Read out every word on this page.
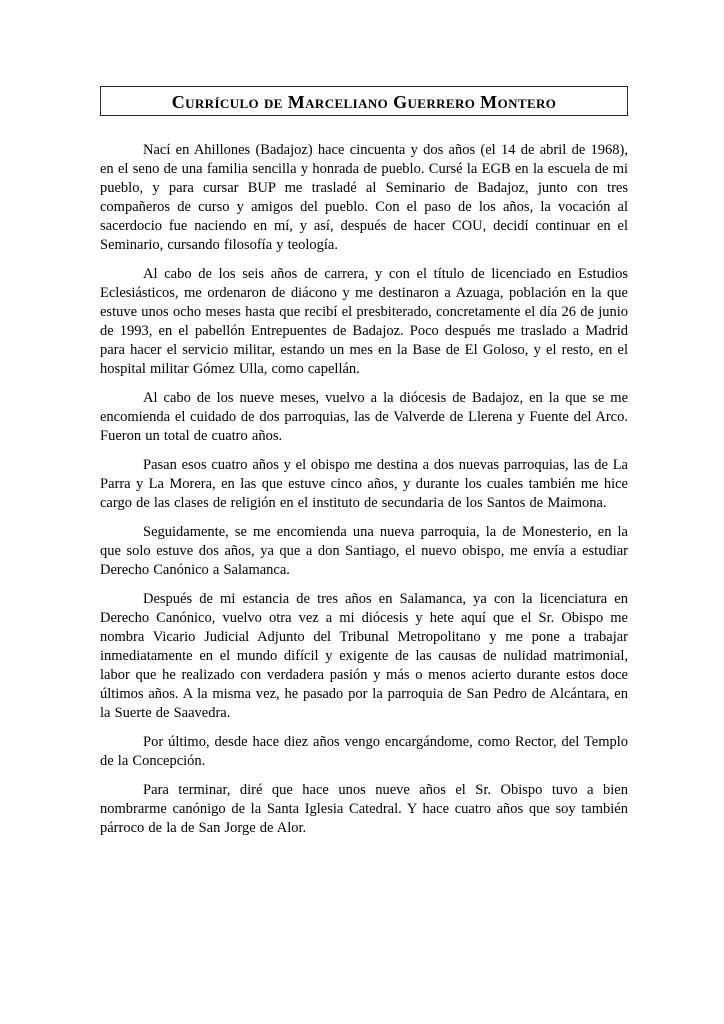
Currículo de Marceliano Guerrero Montero

Nací en Ahillones (Badajoz) hace cincuenta y dos años (el 14 de abril de 1968), en el seno de una familia sencilla y honrada de pueblo. Cursé la EGB en la escuela de mi pueblo, y para cursar BUP me trasladé al Seminario de Badajoz, junto con tres compañeros de curso y amigos del pueblo. Con el paso de los años, la vocación al sacerdocio fue naciendo en mí, y así, después de hacer COU, decidí continuar en el Seminario, cursando filosofía y teología.

Al cabo de los seis años de carrera, y con el título de licenciado en Estudios Eclesiásticos, me ordenaron de diácono y me destinaron a Azuaga, población en la que estuve unos ocho meses hasta que recibí el presbiterado, concretamente el día 26 de junio de 1993, en el pabellón Entrepuentes de Badajoz. Poco después me traslado a Madrid para hacer el servicio militar, estando un mes en la Base de El Goloso, y el resto, en el hospital militar Gómez Ulla, como capellán.

Al cabo de los nueve meses, vuelvo a la diócesis de Badajoz, en la que se me encomienda el cuidado de dos parroquias, las de Valverde de Llerena y Fuente del Arco. Fueron un total de cuatro años.

Pasan esos cuatro años y el obispo me destina a dos nuevas parroquias, las de La Parra y La Morera, en las que estuve cinco años, y durante los cuales también me hice cargo de las clases de religión en el instituto de secundaria de los Santos de Maimona.

Seguidamente, se me encomienda una nueva parroquia, la de Monesterio, en la que solo estuve dos años, ya que a don Santiago, el nuevo obispo, me envía a estudiar Derecho Canónico a Salamanca.

Después de mi estancia de tres años en Salamanca, ya con la licenciatura en Derecho Canónico, vuelvo otra vez a mi diócesis y hete aquí que el Sr. Obispo me nombra Vicario Judicial Adjunto del Tribunal Metropolitano y me pone a trabajar inmediatamente en el mundo difícil y exigente de las causas de nulidad matrimonial, labor que he realizado con verdadera pasión y más o menos acierto durante estos doce últimos años. A la misma vez, he pasado por la parroquia de San Pedro de Alcántara, en la Suerte de Saavedra.

Por último, desde hace diez años vengo encargándome, como Rector, del Templo de la Concepción.

Para terminar, diré que hace unos nueve años el Sr. Obispo tuvo a bien nombrarme canónigo de la Santa Iglesia Catedral. Y hace cuatro años que soy también párroco de la de San Jorge de Alor.
